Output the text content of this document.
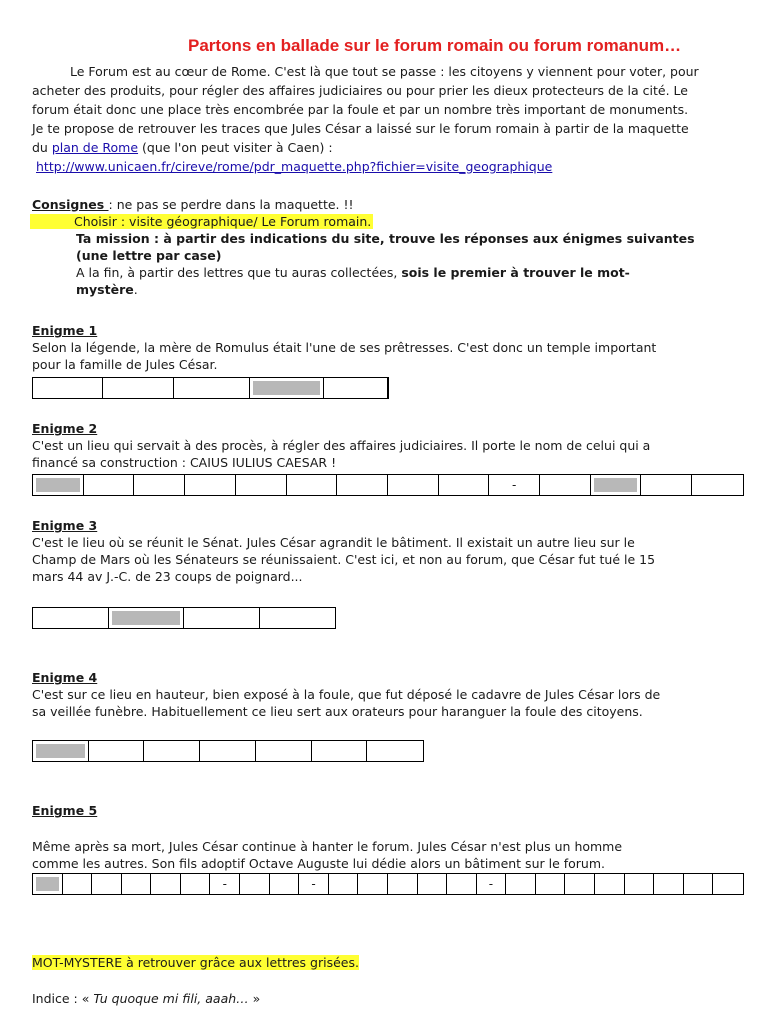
Partons en ballade sur le forum romain ou forum romanum…

Le Forum est au cœur de Rome. C'est là que tout se passe : les citoyens y viennent pour voter, pour

acheter des produits, pour régler des affaires judiciaires ou pour prier les dieux protecteurs de la cité. Le

forum était donc une place très encombrée par la foule et par un nombre très important de monuments.

Je te propose de retrouver les traces que Jules César a laissé sur le forum romain à partir de la maquette

du plan de Rome (que l'on peut visiter à Caen) :

http://www.unicaen.fr/cireve/rome/pdr_maquette.php?fichier=visite_geographique

Consignes : ne pas se perdre dans la maquette. !!

Choisir : visite géographique/ Le Forum romain.

Ta mission : à partir des indications du site, trouve les réponses aux énigmes suivantes

(une lettre par case)

A la fin, à partir des lettres que tu auras collectées, sois le premier à trouver le mot-

mystère.

Enigme 1

Selon la légende, la mère de Romulus était l'une de ses prêtresses. C'est donc un temple important

pour la famille de Jules César.

Enigme 2

C'est un lieu qui servait à des procès, à régler des affaires judiciaires. Il porte le nom de celui qui a

financé sa construction : CAIUS IULIUS CAESAR !

-
Enigme 3

C'est le lieu où se réunit le Sénat. Jules César agrandit le bâtiment. Il existait un autre lieu sur le

Champ de Mars où les Sénateurs se réunissaient. C'est ici, et non au forum, que César fut tué le 15

mars 44 av J.-C. de 23 coups de poignard...

Enigme 4

C'est sur ce lieu en hauteur, bien exposé à la foule, que fut déposé le cadavre de Jules César lors de

sa veillée funèbre. Habituellement ce lieu sert aux orateurs pour haranguer la foule des citoyens.

Enigme 5

Même après sa mort, Jules César continue à hanter le forum. Jules César n'est plus un homme

comme les autres. Son fils adoptif Octave Auguste lui dédie alors un bâtiment sur le forum.

-	-	-
MOT-MYSTERE à retrouver grâce aux lettres grisées.
Indice : « Tu quoque mi fili, aaah… »
